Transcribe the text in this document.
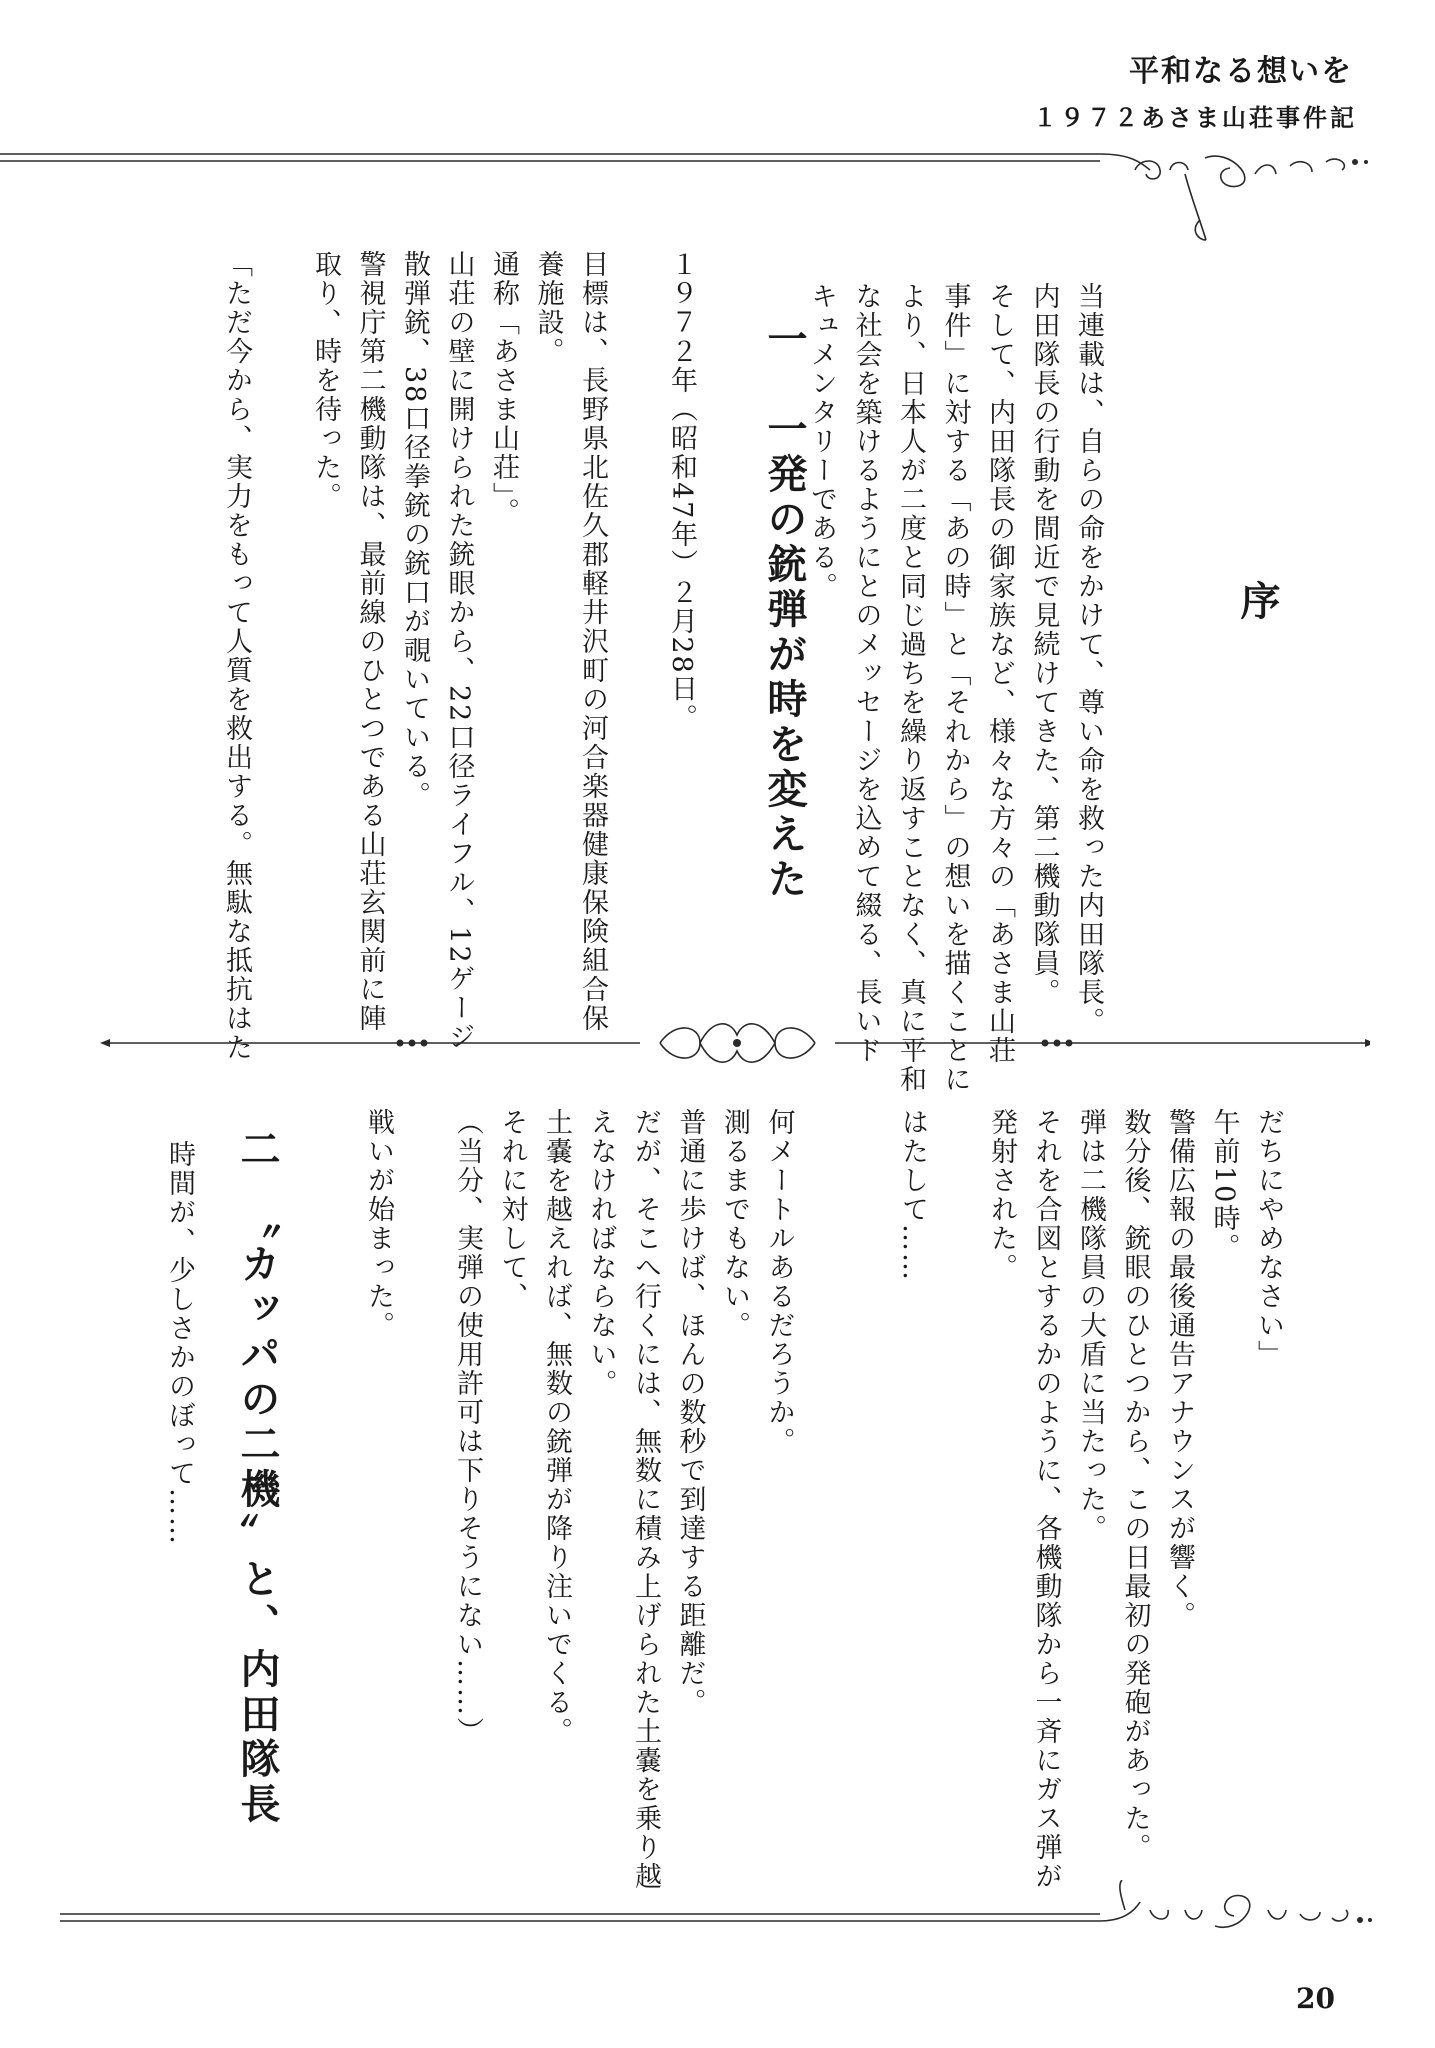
平和なる想いを
１９７２あさま山荘事件記
序
当連載は、自らの命をかけて、尊い命を救った内田隊長。
内田隊長の行動を間近で見続けてきた、第二機動隊員。
そして、内田隊長の御家族など、様々な方々の「あさま山荘
事件」に対する「あの時」と「それから」の想いを描くことに
より、日本人が二度と同じ過ちを繰り返すことなく、真に平和
な社会を築けるようにとのメッセージを込めて綴る、長いド
キュメンタリーである。
一　一発の銃弾が時を変えた
１９７２年（昭和47年）２月28日。

目標は、長野県北佐久郡軽井沢町の河合楽器健康保険組合保
養施設。
通称「あさま山荘」。
山荘の壁に開けられた銃眼から、22口径ライフル、12ゲージ
散弾銃、38口径拳銃の銃口が覗いている。
警視庁第二機動隊は、最前線のひとつである山荘玄関前に陣
取り、時を待った。

「ただ今から、実力をもって人質を救出する。無駄な抵抗はた
だちにやめなさい」
午前10時。
警備広報の最後通告アナウンスが響く。
数分後、銃眼のひとつから、この日最初の発砲があった。
弾は二機隊員の大盾に当たった。
それを合図とするかのように、各機動隊から一斉にガス弾が
発射された。

はたして……

何メートルあるだろうか。
測るまでもない。
普通に歩けば、ほんの数秒で到達する距離だ。
だが、そこへ行くには、無数に積み上げられた土嚢を乗り越
えなければならない。
土嚢を越えれば、無数の銃弾が降り注いでくる。
それに対して、
（当分、実弾の使用許可は下りそうにない……）

戦いが始まった。
二　〝カッパの二機〟と、内田隊長
時間が、少しさかのぼって……
20
